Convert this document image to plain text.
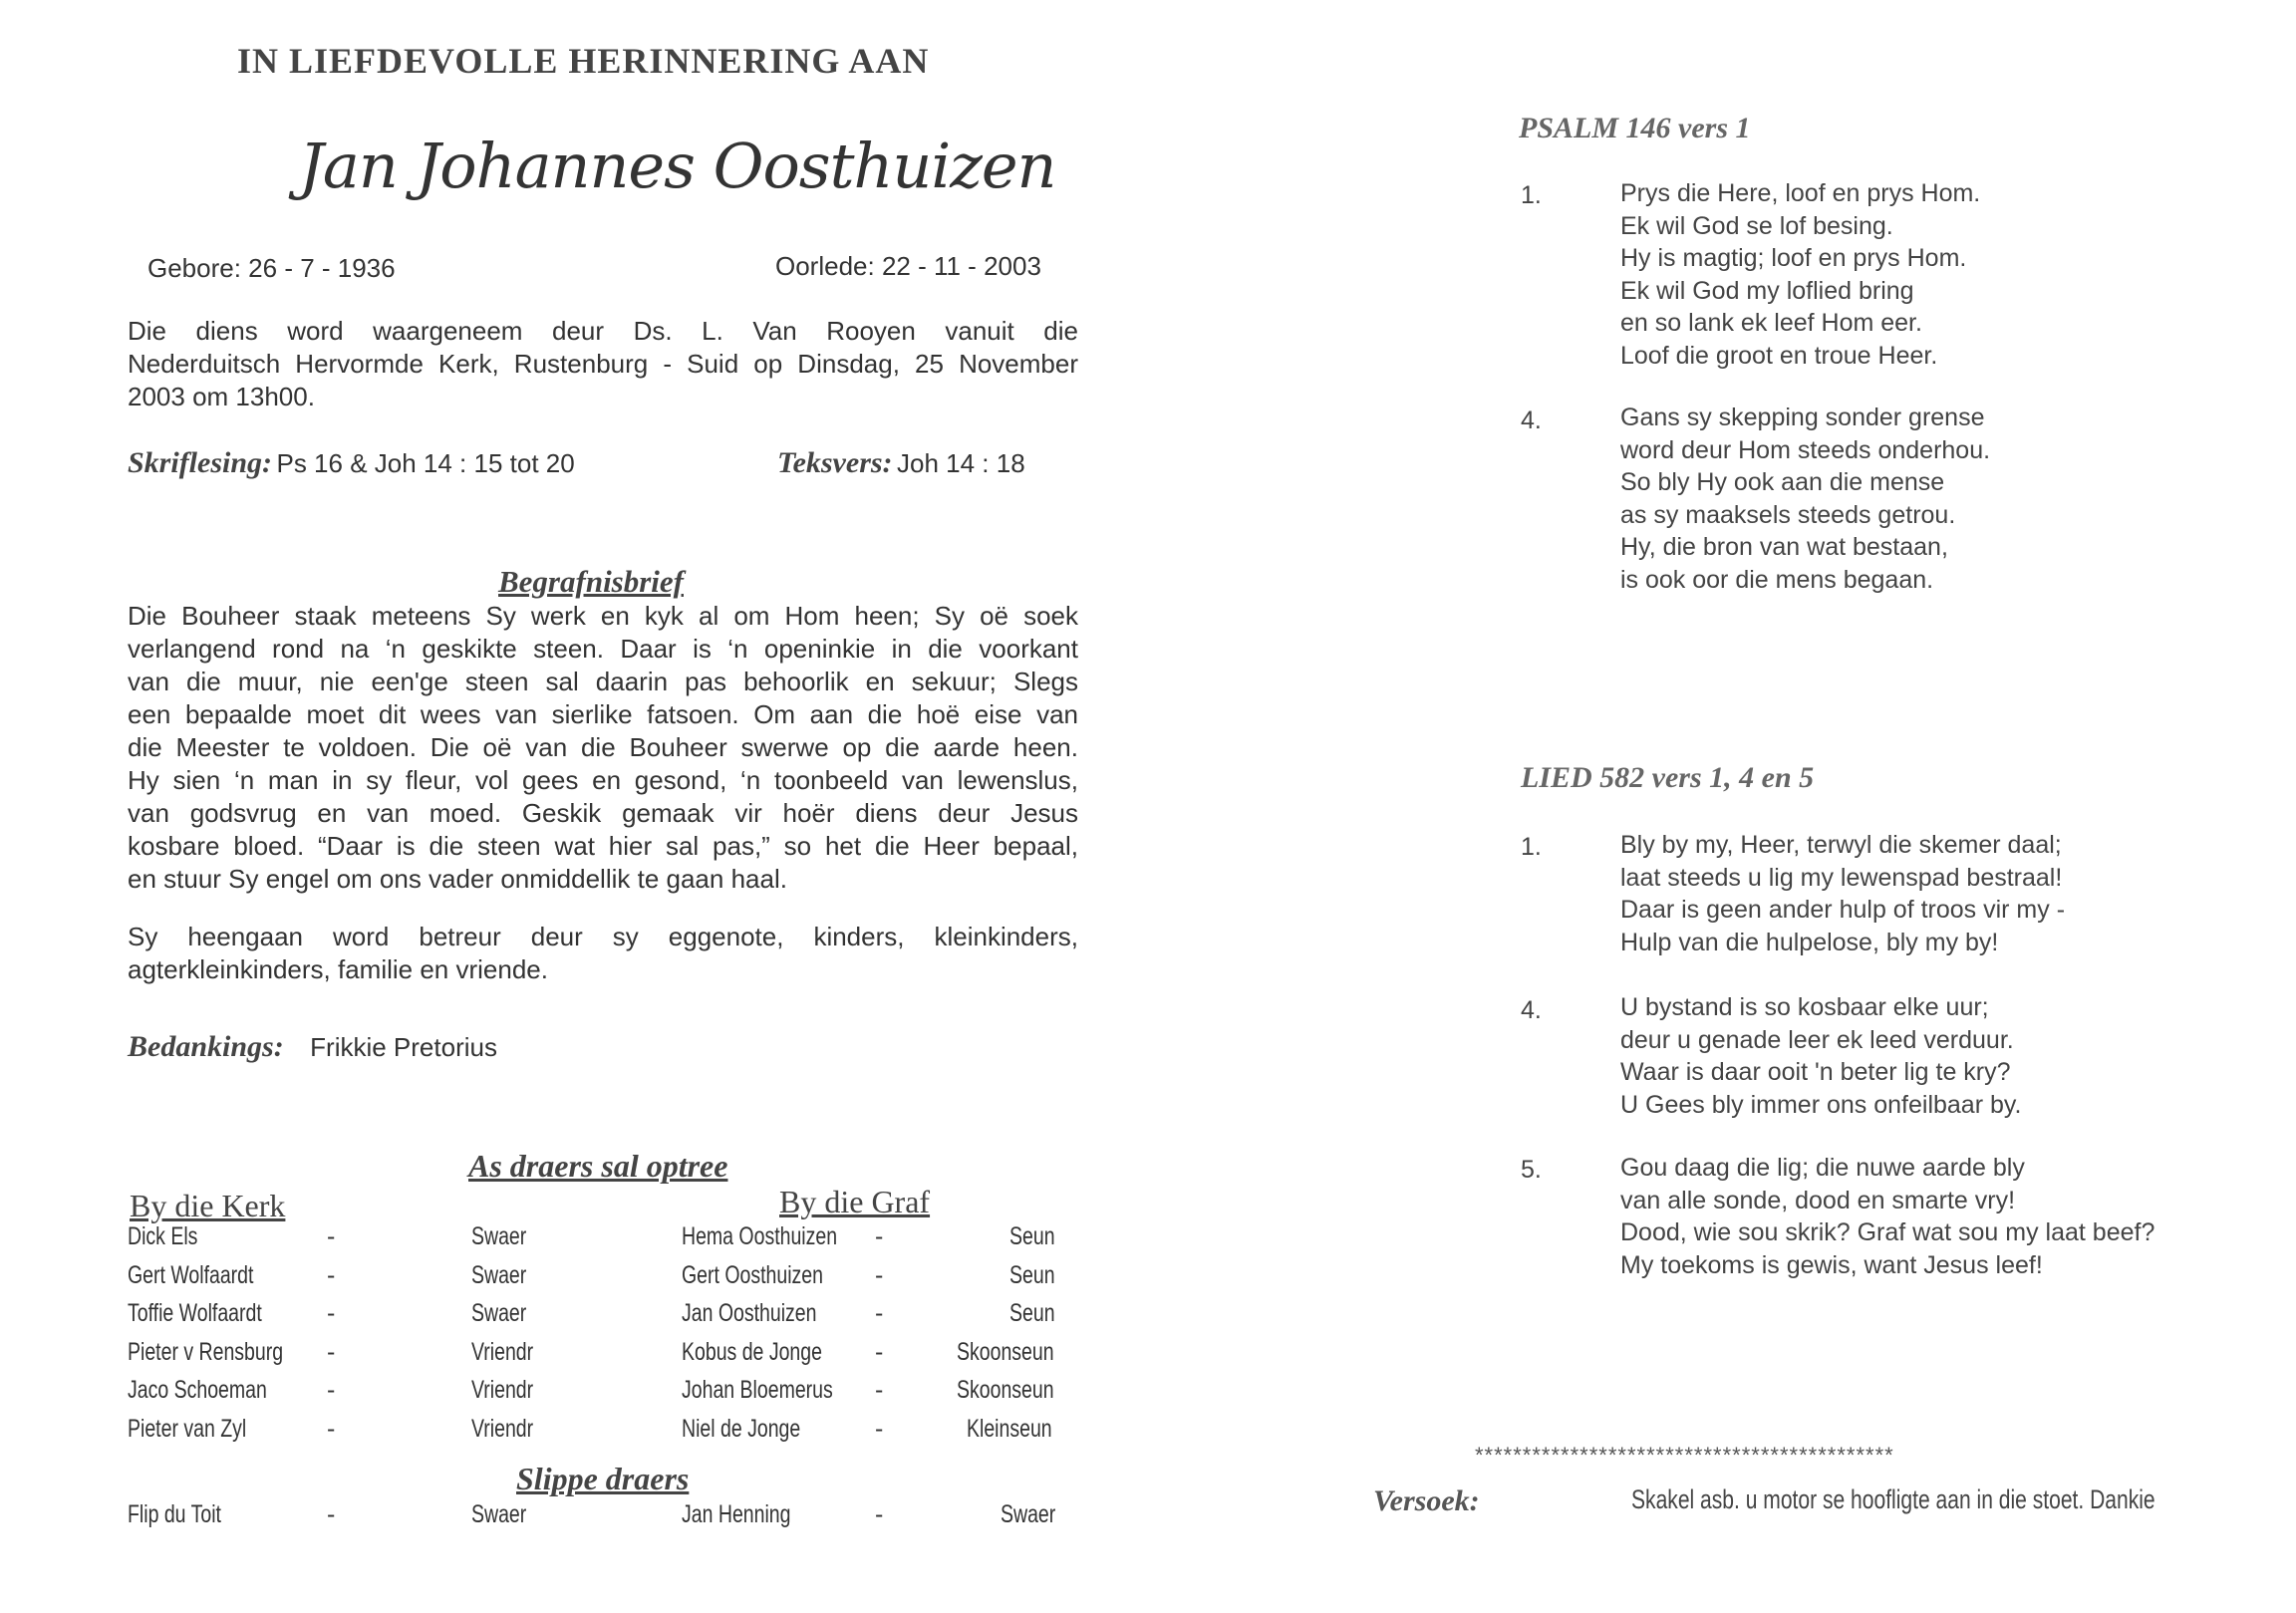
IN LIEFDEVOLLE HERINNERING AAN
Jan Johannes Oosthuizen
Gebore: 26 - 7 - 1936	Oorlede: 22 - 11 - 2003
Die diens word waargeneem deur Ds. L. Van Rooyen vanuit die
Nederduitsch Hervormde Kerk, Rustenburg - Suid op Dinsdag, 25 November
2003 om 13h00.
Skriflesing: Ps 16 & Joh 14 : 15 tot 20	Teksvers: Joh 14 : 18
Begrafnisbrief
Die Bouheer staak meteens Sy werk en kyk al om Hom heen; Sy oë soek
verlangend rond na ‘n geskikte steen. Daar is ‘n openinkie in die voorkant
van die muur, nie een'ge steen sal daarin pas behoorlik en sekuur; Slegs
een bepaalde moet dit wees van sierlike fatsoen. Om aan die hoë eise van
die Meester te voldoen. Die oë van die Bouheer swerwe op die aarde heen.
Hy sien ‘n man in sy fleur, vol gees en gesond, ‘n toonbeeld van lewenslus,
van godsvrug en van moed. Geskik gemaak vir hoër diens deur Jesus
kosbare bloed. “Daar is die steen wat hier sal pas,” so het die Heer bepaal,
en stuur Sy engel om ons vader onmiddellik te gaan haal.
Sy heengaan word betreur deur sy eggenote, kinders, kleinkinders,
agterkleinkinders, familie en vriende.
Bedankings: Frikkie Pretorius
As draers sal optree
By die Kerk	By die Graf
Dick Els	-	Swaer	Hema Oosthuizen -	Seun
Gert Wolfaardt	-	Swaer	Gert Oosthuizen -	Seun
Toffie Wolfaardt	-	Swaer	Jan Oosthuizen -	Seun
Pieter v Rensburg -	Vriendr	Kobus de Jonge -	Skoonseun
Jaco Schoeman -	Vriendr	Johan Bloemerus -	Skoonseun
Pieter van Zyl	-	Vriendr	Niel de Jonge	-	Kleinseun
Slippe draers
Flip du Toit	-	Swaer	Jan Henning	-	Swaer
PSALM 146 vers 1
1.	Prys die Here, loof en prys Hom.
Ek wil God se lof besing.
Hy is magtig; loof en prys Hom.
Ek wil God my loflied bring
en so lank ek leef Hom eer.
Loof die groot en troue Heer.
4.	Gans sy skepping sonder grense
word deur Hom steeds onderhou.
So bly Hy ook aan die mense
as sy maaksels steeds getrou.
Hy, die bron van wat bestaan,
is ook oor die mens begaan.
LIED 582 vers 1, 4 en 5
1.	Bly by my, Heer, terwyl die skemer daal;
laat steeds u lig my lewenspad bestraal!
Daar is geen ander hulp of troos vir my -
Hulp van die hulpelose, bly my by!
4.	U bystand is so kosbaar elke uur;
deur u genade leer ek leed verduur.
Waar is daar ooit 'n beter lig te kry?
U Gees bly immer ons onfeilbaar by.
5.	Gou daag die lig; die nuwe aarde bly
van alle sonde, dood en smarte vry!
Dood, wie sou skrik? Graf wat sou my laat beef?
My toekoms is gewis, want Jesus leef!
********************************************
Versoek:	Skakel asb. u motor se hoofligte aan in die stoet. Dankie
